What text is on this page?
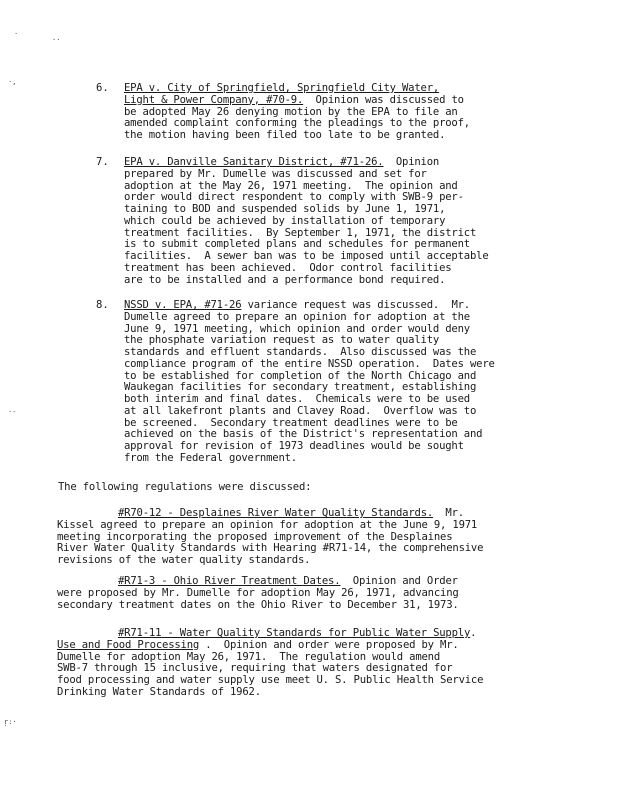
6. EPA v. City of Springfield, Springfield City Water,
Light & Power Company, #70-9.  Opinion was discussed to
be adopted May 26 denying motion by the EPA to file an
amended complaint conforming the pleadings to the proof,
the motion having been filed too late to be granted.
7. EPA v. Danville Sanitary District, #71-26.  Opinion
prepared by Mr. Dumelle was discussed and set for
adoption at the May 26, 1971 meeting.  The opinion and
order would direct respondent to comply with SWB-9 per-
taining to BOD and suspended solids by June 1, 1971,
which could be achieved by installation of temporary
treatment facilities.  By September 1, 1971, the district
is to submit completed plans and schedules for permanent
facilities.  A sewer ban was to be imposed until acceptable
treatment has been achieved.  Odor control facilities
are to be installed and a performance bond required.
8. NSSD v. EPA, #71-26 variance request was discussed.  Mr.
Dumelle agreed to prepare an opinion for adoption at the
June 9, 1971 meeting, which opinion and order would deny
the phosphate variation request as to water quality
standards and effluent standards.  Also discussed was the
compliance program of the entire NSSD operation.  Dates were
to be established for completion of the North Chicago and
Waukegan facilities for secondary treatment, establishing
both interim and final dates.  Chemicals were to be used
at all lakefront plants and Clavey Road.  Overflow was to
be screened.  Secondary treatment deadlines were to be
achieved on the basis of the District's representation and
approval for revision of 1973 deadlines would be sought
from the Federal government.
The following regulations were discussed:
#R70-12 - Desplaines River Water Quality Standards.  Mr.
Kissel agreed to prepare an opinion for adoption at the June 9, 1971
meeting incorporating the proposed improvement of the Desplaines
River Water Quality Standards with Hearing #R71-14, the comprehensive
revisions of the water quality standards.
#R71-3 - Ohio River Treatment Dates.  Opinion and Order
were proposed by Mr. Dumelle for adoption May 26, 1971, advancing
secondary treatment dates on the Ohio River to December 31, 1973.
#R71-11 - Water Quality Standards for Public Water Supply.
Use and Food Processing .  Opinion and order were proposed by Mr.
Dumelle for adoption May 26, 1971.  The regulation would amend
SWB-7 through 15 inclusive, requiring that waters designated for
food processing and water supply use meet U. S. Public Health Service
Drinking Water Standards of 1962.
·	..
·,
·-
ŗ:·
